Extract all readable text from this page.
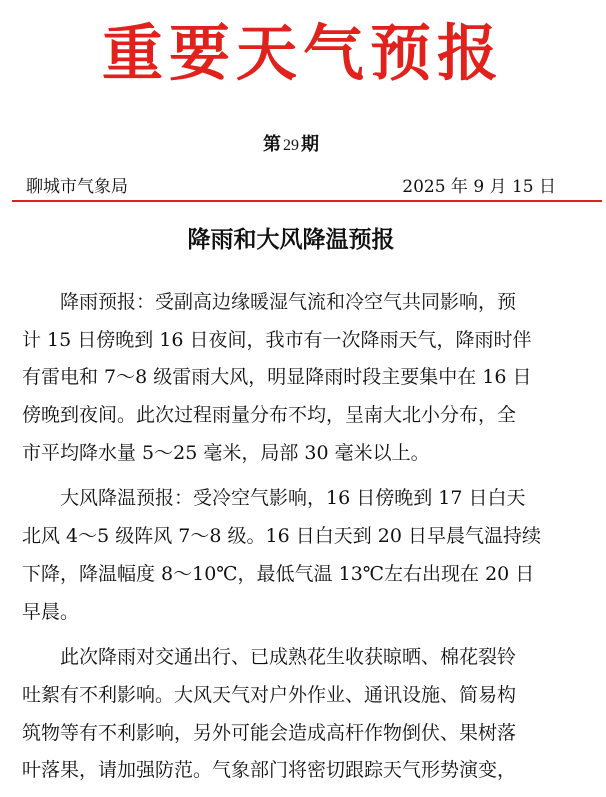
重要天气预报
第 29 期
聊城市气象局	2025 年 9 月 15 日
降雨和大风降温预报
降雨预报：受副高边缘暖湿气流和冷空气共同影响，预
计 15 日傍晚到 16 日夜间，我市有一次降雨天气，降雨时伴
有雷电和 7～8 级雷雨大风，明显降雨时段主要集中在 16 日
傍晚到夜间。此次过程雨量分布不均，呈南大北小分布，全
市平均降水量 5～25 毫米，局部 30 毫米以上。
大风降温预报：受冷空气影响，16 日傍晚到 17 日白天
北风 4～5 级阵风 7～8 级。16 日白天到 20 日早晨气温持续
下降，降温幅度 8～10℃，最低气温 13℃左右出现在 20 日
早晨。
此次降雨对交通出行、已成熟花生收获晾晒、棉花裂铃
吐絮有不利影响。大风天气对户外作业、通讯设施、简易构
筑物等有不利影响，另外可能会造成高杆作物倒伏、果树落
叶落果，请加强防范。气象部门将密切跟踪天气形势演变，
